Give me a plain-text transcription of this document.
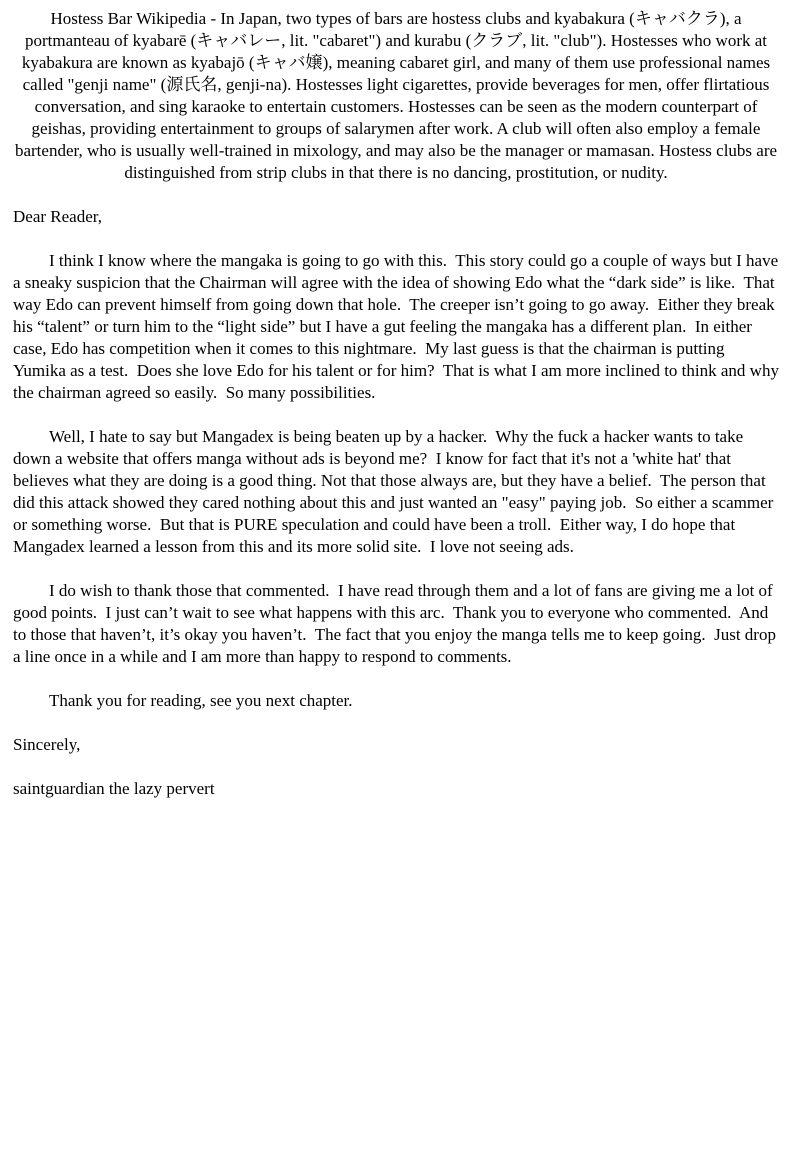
Hostess Bar Wikipedia - In Japan, two types of bars are hostess clubs and kyabakura (キャバクラ), a portmanteau of kyabarē (キャバレー, lit. "cabaret") and kurabu (クラブ, lit. "club"). Hostesses who work at kyabakura are known as kyabajō (キャバ嬢), meaning cabaret girl, and many of them use professional names called "genji name" (源氏名, genji-na). Hostesses light cigarettes, provide beverages for men, offer flirtatious conversation, and sing karaoke to entertain customers. Hostesses can be seen as the modern counterpart of geishas, providing entertainment to groups of salarymen after work. A club will often also employ a female bartender, who is usually well-trained in mixology, and may also be the manager or mamasan. Hostess clubs are distinguished from strip clubs in that there is no dancing, prostitution, or nudity.

Dear Reader,

I think I know where the mangaka is going to go with this.  This story could go a couple of ways but I have a sneaky suspicion that the Chairman will agree with the idea of showing Edo what the “dark side” is like.  That way Edo can prevent himself from going down that hole.  The creeper isn’t going to go away.  Either they break his “talent” or turn him to the “light side” but I have a gut feeling the mangaka has a different plan.  In either case, Edo has competition when it comes to this nightmare.  My last guess is that the chairman is putting Yumika as a test.  Does she love Edo for his talent or for him?  That is what I am more inclined to think and why the chairman agreed so easily.  So many possibilities.

Well, I hate to say but Mangadex is being beaten up by a hacker.  Why the fuck a hacker wants to take down a website that offers manga without ads is beyond me?  I know for fact that it's not a 'white hat' that believes what they are doing is a good thing. Not that those always are, but they have a belief.  The person that did this attack showed they cared nothing about this and just wanted an "easy" paying job.  So either a scammer or something worse.  But that is PURE speculation and could have been a troll.  Either way, I do hope that Mangadex learned a lesson from this and its more solid site.  I love not seeing ads.

I do wish to thank those that commented.  I have read through them and a lot of fans are giving me a lot of good points.  I just can’t wait to see what happens with this arc.  Thank you to everyone who commented.  And to those that haven’t, it’s okay you haven’t.  The fact that you enjoy the manga tells me to keep going.  Just drop a line once in a while and I am more than happy to respond to comments.

Thank you for reading, see you next chapter.

Sincerely,

saintguardian the lazy pervert
